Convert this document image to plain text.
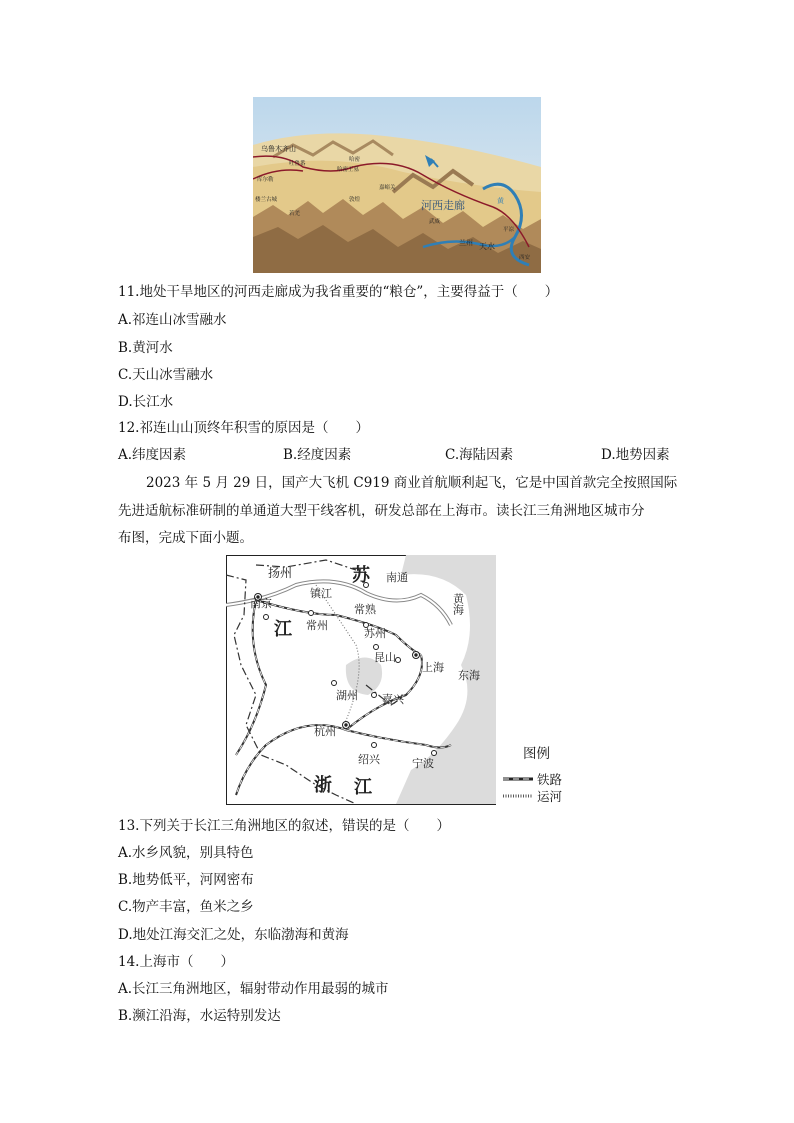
乌鲁木齐 山
吐鲁番
库尔勒
哈密
哈密王墓
楼兰古城
若羌
敦煌
嘉峪关
河西走廊
武威
兰州 天水
平凉
西安
黄
11.地处干旱地区的河西走廊成为我省重要的“粮仓”，主要得益于（　　）
A.祁连山冰雪融水
B.黄河水
C.天山冰雪融水
D.长江水
12.祁连山山顶终年积雪的原因是（　　）
A.纬度因素	B.经度因素	C.海陆因素	D.地势因素
2023 年 5 月 29 日，国产大飞机 C919 商业首航顺利起飞，它是中国首款完全按照国际
先进适航标准研制的单通道大型干线客机，研发总部在上海市。读长江三角洲地区城市分
布图，完成下面小题。
扬州
南京
镇江
苏 南通
常州
常熟
苏州
昆山
上海
江
湖州 嘉兴
杭州
绍兴	宁波
浙 江
黄海
东海
图例
铁路
运河
13.下列关于长江三角洲地区的叙述，错误的是（　　）
A.水乡风貌，别具特色
B.地势低平，河网密布
C.物产丰富，鱼米之乡
D.地处江海交汇之处，东临渤海和黄海
14.上海市（　　）
A.长江三角洲地区，辐射带动作用最弱的城市
B.濒江沿海，水运特别发达
